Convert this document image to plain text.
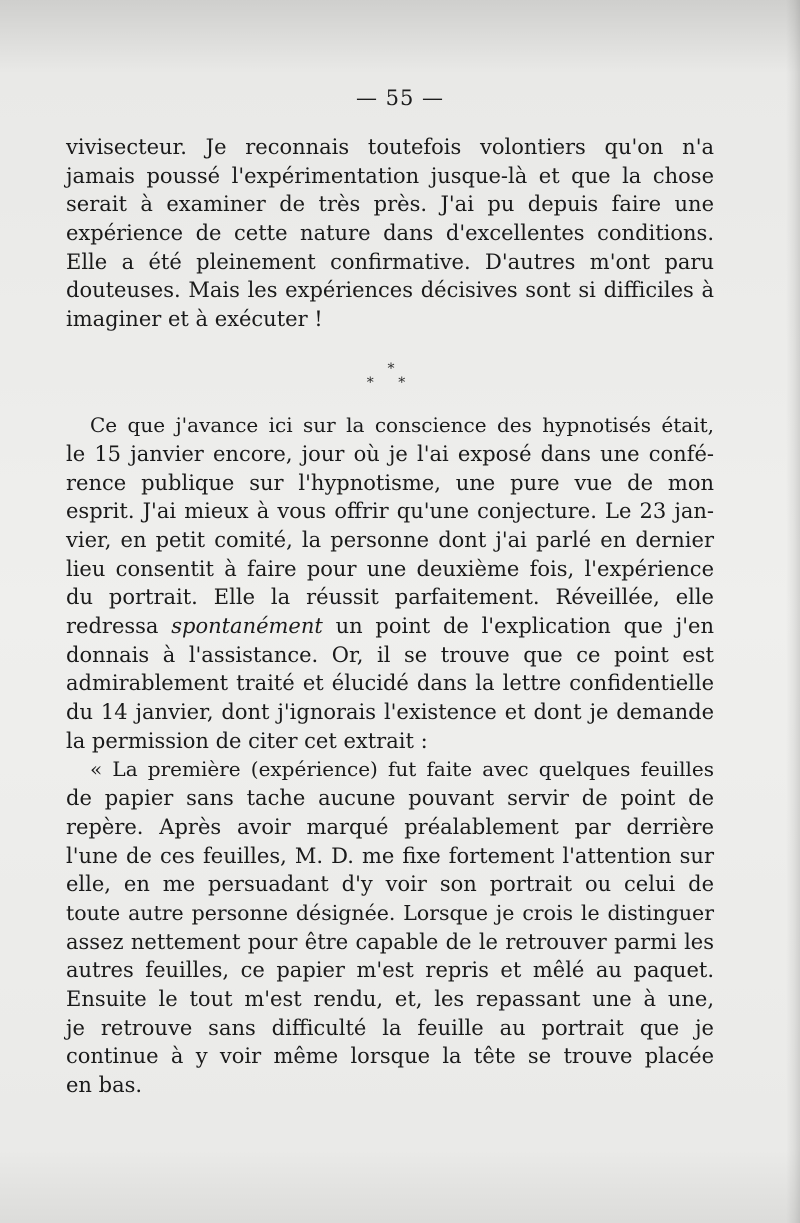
— 55 —
*
* *
vivisecteur. Je reconnais toutefois volontiers qu'on n'a
jamais poussé l'expérimentation jusque-là et que la chose
serait à examiner de très près. J'ai pu depuis faire une
expérience de cette nature dans d'excellentes conditions.
Elle a été pleinement confirmative. D'autres m'ont paru
douteuses. Mais les expériences décisives sont si difficiles à
imaginer et à exécuter !
Ce que j'avance ici sur la conscience des hypnotisés était,
le 15 janvier encore, jour où je l'ai exposé dans une confé-
rence publique sur l'hypnotisme, une pure vue de mon
esprit. J'ai mieux à vous offrir qu'une conjecture. Le 23 jan-
vier, en petit comité, la personne dont j'ai parlé en dernier
lieu consentit à faire pour une deuxième fois, l'expérience
du portrait. Elle la réussit parfaitement. Réveillée, elle
redressa spontanément un point de l'explication que j'en
donnais à l'assistance. Or, il se trouve que ce point est
admirablement traité et élucidé dans la lettre confidentielle
du 14 janvier, dont j'ignorais l'existence et dont je demande
la permission de citer cet extrait :
« La première (expérience) fut faite avec quelques feuilles
de papier sans tache aucune pouvant servir de point de
repère. Après avoir marqué préalablement par derrière
l'une de ces feuilles, M. D. me fixe fortement l'attention sur
elle, en me persuadant d'y voir son portrait ou celui de
toute autre personne désignée. Lorsque je crois le distinguer
assez nettement pour être capable de le retrouver parmi les
autres feuilles, ce papier m'est repris et mêlé au paquet.
Ensuite le tout m'est rendu, et, les repassant une à une,
je retrouve sans difficulté la feuille au portrait que je
continue à y voir même lorsque la tête se trouve placée
en bas.
